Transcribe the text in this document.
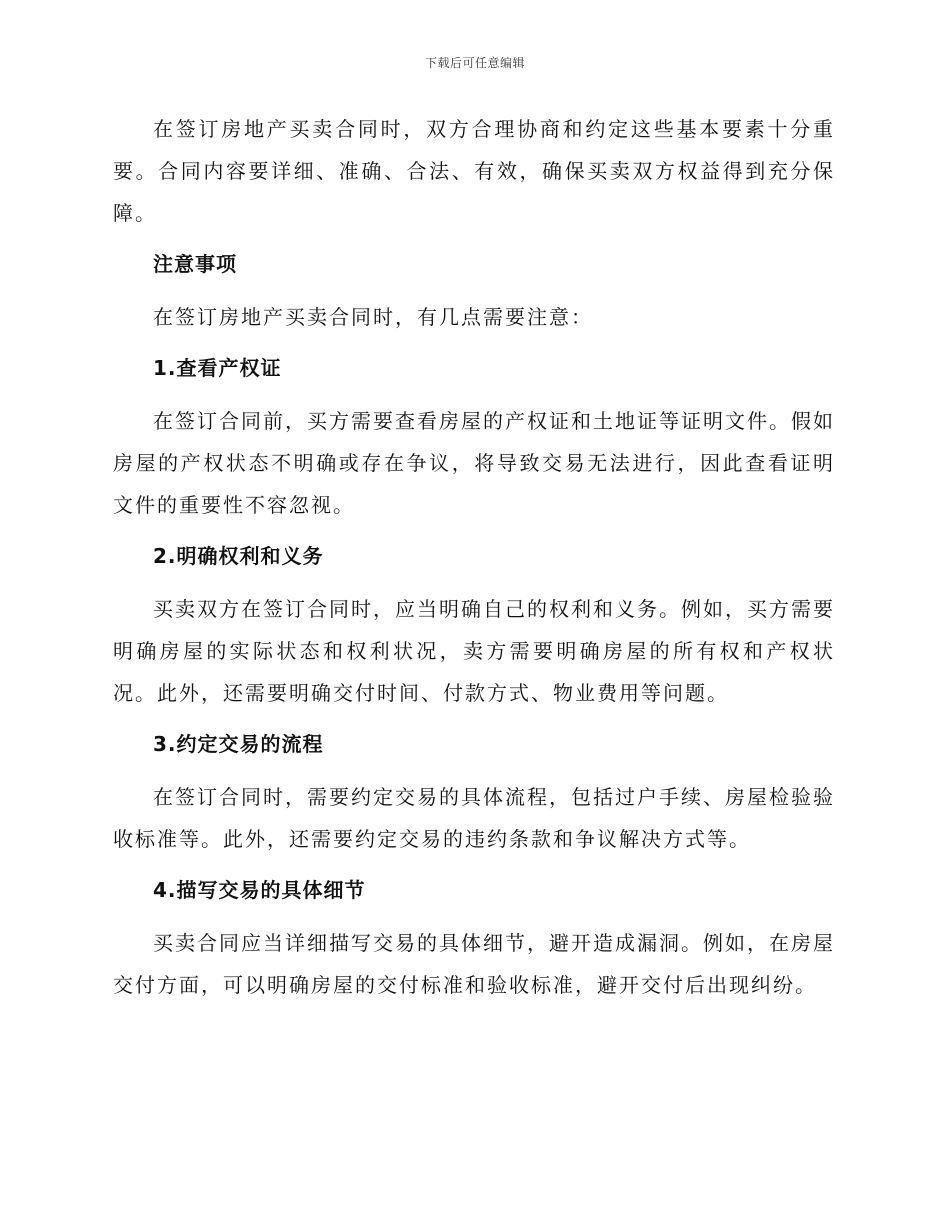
下载后可任意编辑

在签订房地产买卖合同时，双方合理协商和约定这些基本要素十分重要。合同内容要详细、准确、合法、有效，确保买卖双方权益得到充分保障。

注意事项

在签订房地产买卖合同时，有几点需要注意：

1.查看产权证

在签订合同前，买方需要查看房屋的产权证和土地证等证明文件。假如房屋的产权状态不明确或存在争议，将导致交易无法进行，因此查看证明文件的重要性不容忽视。

2.明确权利和义务

买卖双方在签订合同时，应当明确自己的权利和义务。例如，买方需要明确房屋的实际状态和权利状况，卖方需要明确房屋的所有权和产权状况。此外，还需要明确交付时间、付款方式、物业费用等问题。

3.约定交易的流程

在签订合同时，需要约定交易的具体流程，包括过户手续、房屋检验验收标准等。此外，还需要约定交易的违约条款和争议解决方式等。

4.描写交易的具体细节

买卖合同应当详细描写交易的具体细节，避开造成漏洞。例如，在房屋交付方面，可以明确房屋的交付标准和验收标准，避开交付后出现纠纷。
